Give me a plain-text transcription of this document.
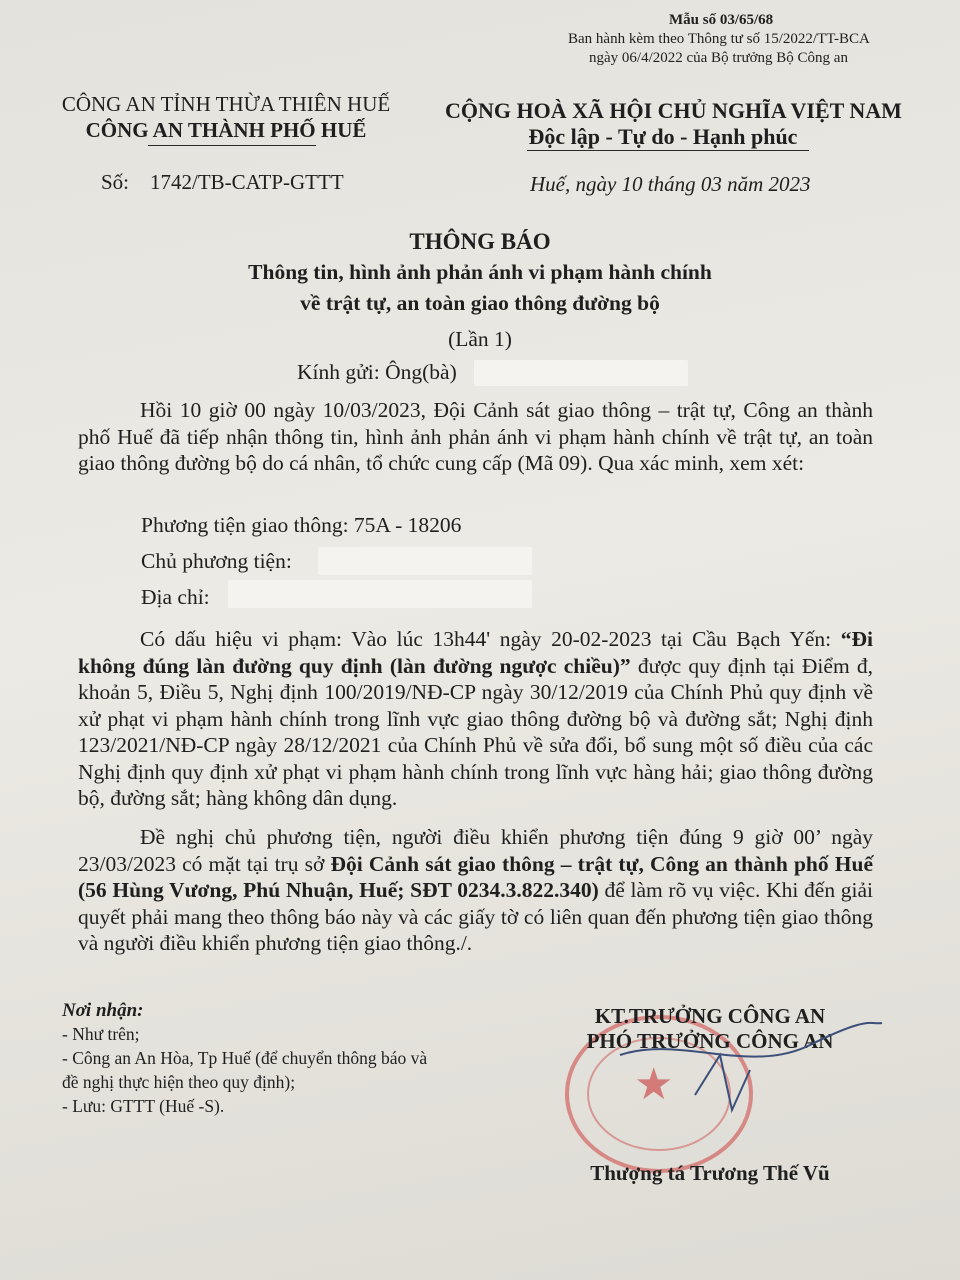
Mẫu số 03/65/68
Ban hành kèm theo Thông tư số 15/2022/TT-BCA
ngày 06/4/2022 của Bộ trưởng Bộ Công an
CÔNG AN TỈNH THỪA THIÊN HUẾ
CÔNG AN THÀNH PHỐ HUẾ
Số: 1742/TB-CATP-GTTT
CỘNG HOÀ XÃ HỘI CHỦ NGHĨA VIỆT NAM
Độc lập - Tự do - Hạnh phúc
Huế, ngày 10 tháng 03 năm 2023
THÔNG BÁO
Thông tin, hình ảnh phản ánh vi phạm hành chính
về trật tự, an toàn giao thông đường bộ
(Lần 1)
Kính gửi: Ông(bà)
Hồi 10 giờ 00 ngày 10/03/2023, Đội Cảnh sát giao thông – trật tự, Công an thành phố Huế đã tiếp nhận thông tin, hình ảnh phản ánh vi phạm hành chính về trật tự, an toàn giao thông đường bộ do cá nhân, tổ chức cung cấp (Mã 09). Qua xác minh, xem xét:
Phương tiện giao thông: 75A - 18206
Chủ phương tiện:
Địa chỉ:
Có dấu hiệu vi phạm: Vào lúc 13h44' ngày 20-02-2023 tại Cầu Bạch Yến: “Đi không đúng làn đường quy định (làn đường ngược chiều)” được quy định tại Điểm đ, khoản 5, Điều 5, Nghị định 100/2019/NĐ-CP ngày 30/12/2019 của Chính Phủ quy định về xử phạt vi phạm hành chính trong lĩnh vực giao thông đường bộ và đường sắt; Nghị định 123/2021/NĐ-CP ngày 28/12/2021 của Chính Phủ về sửa đổi, bổ sung một số điều của các Nghị định quy định xử phạt vi phạm hành chính trong lĩnh vực hàng hải; giao thông đường bộ, đường sắt; hàng không dân dụng.
Đề nghị chủ phương tiện, người điều khiển phương tiện đúng 9 giờ 00’ ngày 23/03/2023 có mặt tại trụ sở Đội Cảnh sát giao thông – trật tự, Công an thành phố Huế (56 Hùng Vương, Phú Nhuận, Huế; SĐT 0234.3.822.340) để làm rõ vụ việc. Khi đến giải quyết phải mang theo thông báo này và các giấy tờ có liên quan đến phương tiện giao thông và người điều khiển phương tiện giao thông./.
Nơi nhận:
- Như trên;
- Công an An Hòa, Tp Huế (để chuyển thông báo và
đề nghị thực hiện theo quy định);
- Lưu: GTTT (Huế -S).	★
KT.TRƯỞNG CÔNG AN
PHÓ TRƯỞNG CÔNG AN
Thượng tá Trương Thế Vũ
